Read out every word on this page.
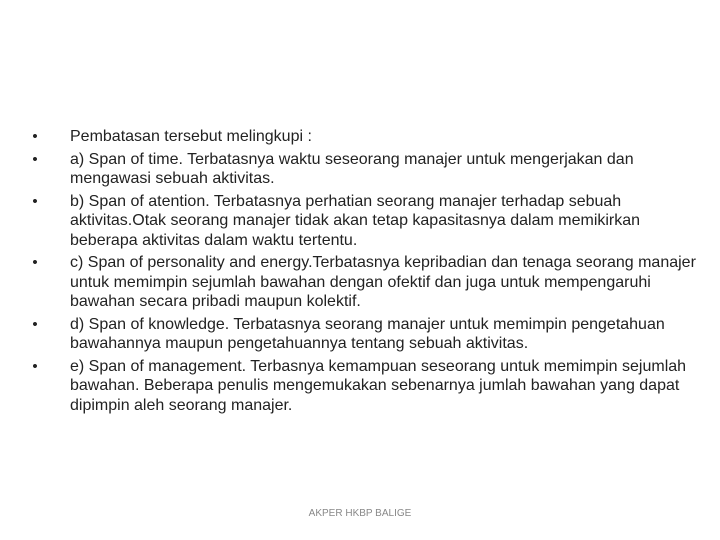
• Pembatasan tersebut melingkupi :
• a) Span of time. Terbatasnya waktu seseorang manajer untuk mengerjakan dan mengawasi sebuah aktivitas.
• b) Span of atention. Terbatasnya perhatian seorang manajer terhadap sebuah aktivitas.Otak seorang manajer tidak akan tetap kapasitasnya dalam memikirkan beberapa aktivitas dalam waktu tertentu.
• c) Span of personality and energy.Terbatasnya kepribadian dan tenaga seorang manajer untuk memimpin sejumlah bawahan dengan ofektif dan juga untuk mempengaruhi bawahan secara pribadi maupun kolektif.
• d) Span of knowledge. Terbatasnya seorang manajer untuk memimpin pengetahuan bawahannya maupun pengetahuannya tentang sebuah aktivitas.
• e) Span of management. Terbasnya kemampuan seseorang untuk memimpin sejumlah bawahan. Beberapa penulis mengemukakan sebenarnya jumlah bawahan yang dapat dipimpin aleh seorang manajer.
AKPER HKBP BALIGE
